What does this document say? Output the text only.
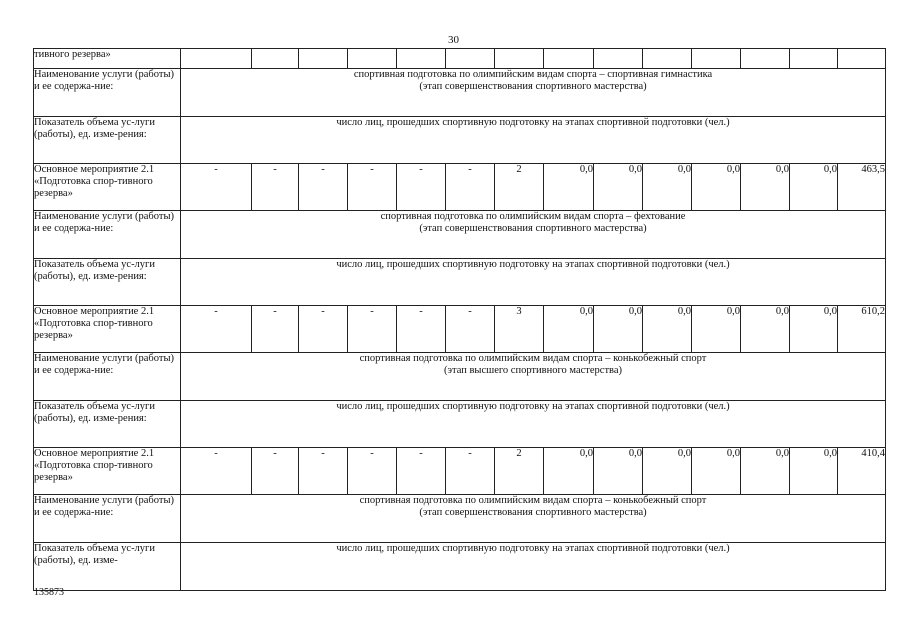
30
тивного резерва»														
Наименование услуги (работы) и ее содержа-ние:	спортивная подготовка по олимпийским видам спорта – спортивная гимнастика
(этап совершенствования спортивного мастерства)													

Показатель объема ус-луги (работы), ед. изме-рения:	число лиц, прошедших спортивную подготовку на этапах спортивной подготовки (чел.)													

Основное мероприятие 2.1 «Подготовка спор-тивного резерва»	-	-	-	-	-	-	2	0,0	0,0	0,0	0,0	0,0	0,0	463,5
Наименование услуги (работы) и ее содержа-ние:	спортивная подготовка по олимпийским видам спорта – фехтование
(этап совершенствования спортивного мастерства)													

Показатель объема ус-луги (работы), ед. изме-рения:	число лиц, прошедших спортивную подготовку на этапах спортивной подготовки (чел.)													

Основное мероприятие 2.1 «Подготовка спор-тивного резерва»	-	-	-	-	-	-	3	0,0	0,0	0,0	0,0	0,0	0,0	610,2
Наименование услуги (работы) и ее содержа-ние:	спортивная подготовка по олимпийским видам спорта – конькобежный спорт
(этап высшего спортивного мастерства)													

Показатель объема ус-луги (работы), ед. изме-рения:	число лиц, прошедших спортивную подготовку на этапах спортивной подготовки (чел.)													

Основное мероприятие 2.1 «Подготовка спор-тивного резерва»	-	-	-	-	-	-	2	0,0	0,0	0,0	0,0	0,0	0,0	410,4
Наименование услуги (работы) и ее содержа-ние:	спортивная подготовка по олимпийским видам спорта – конькобежный спорт
(этап совершенствования спортивного мастерства)													

Показатель объема ус-луги (работы), ед. изме-	число лиц, прошедших спортивную подготовку на этапах спортивной подготовки (чел.)													
135873
